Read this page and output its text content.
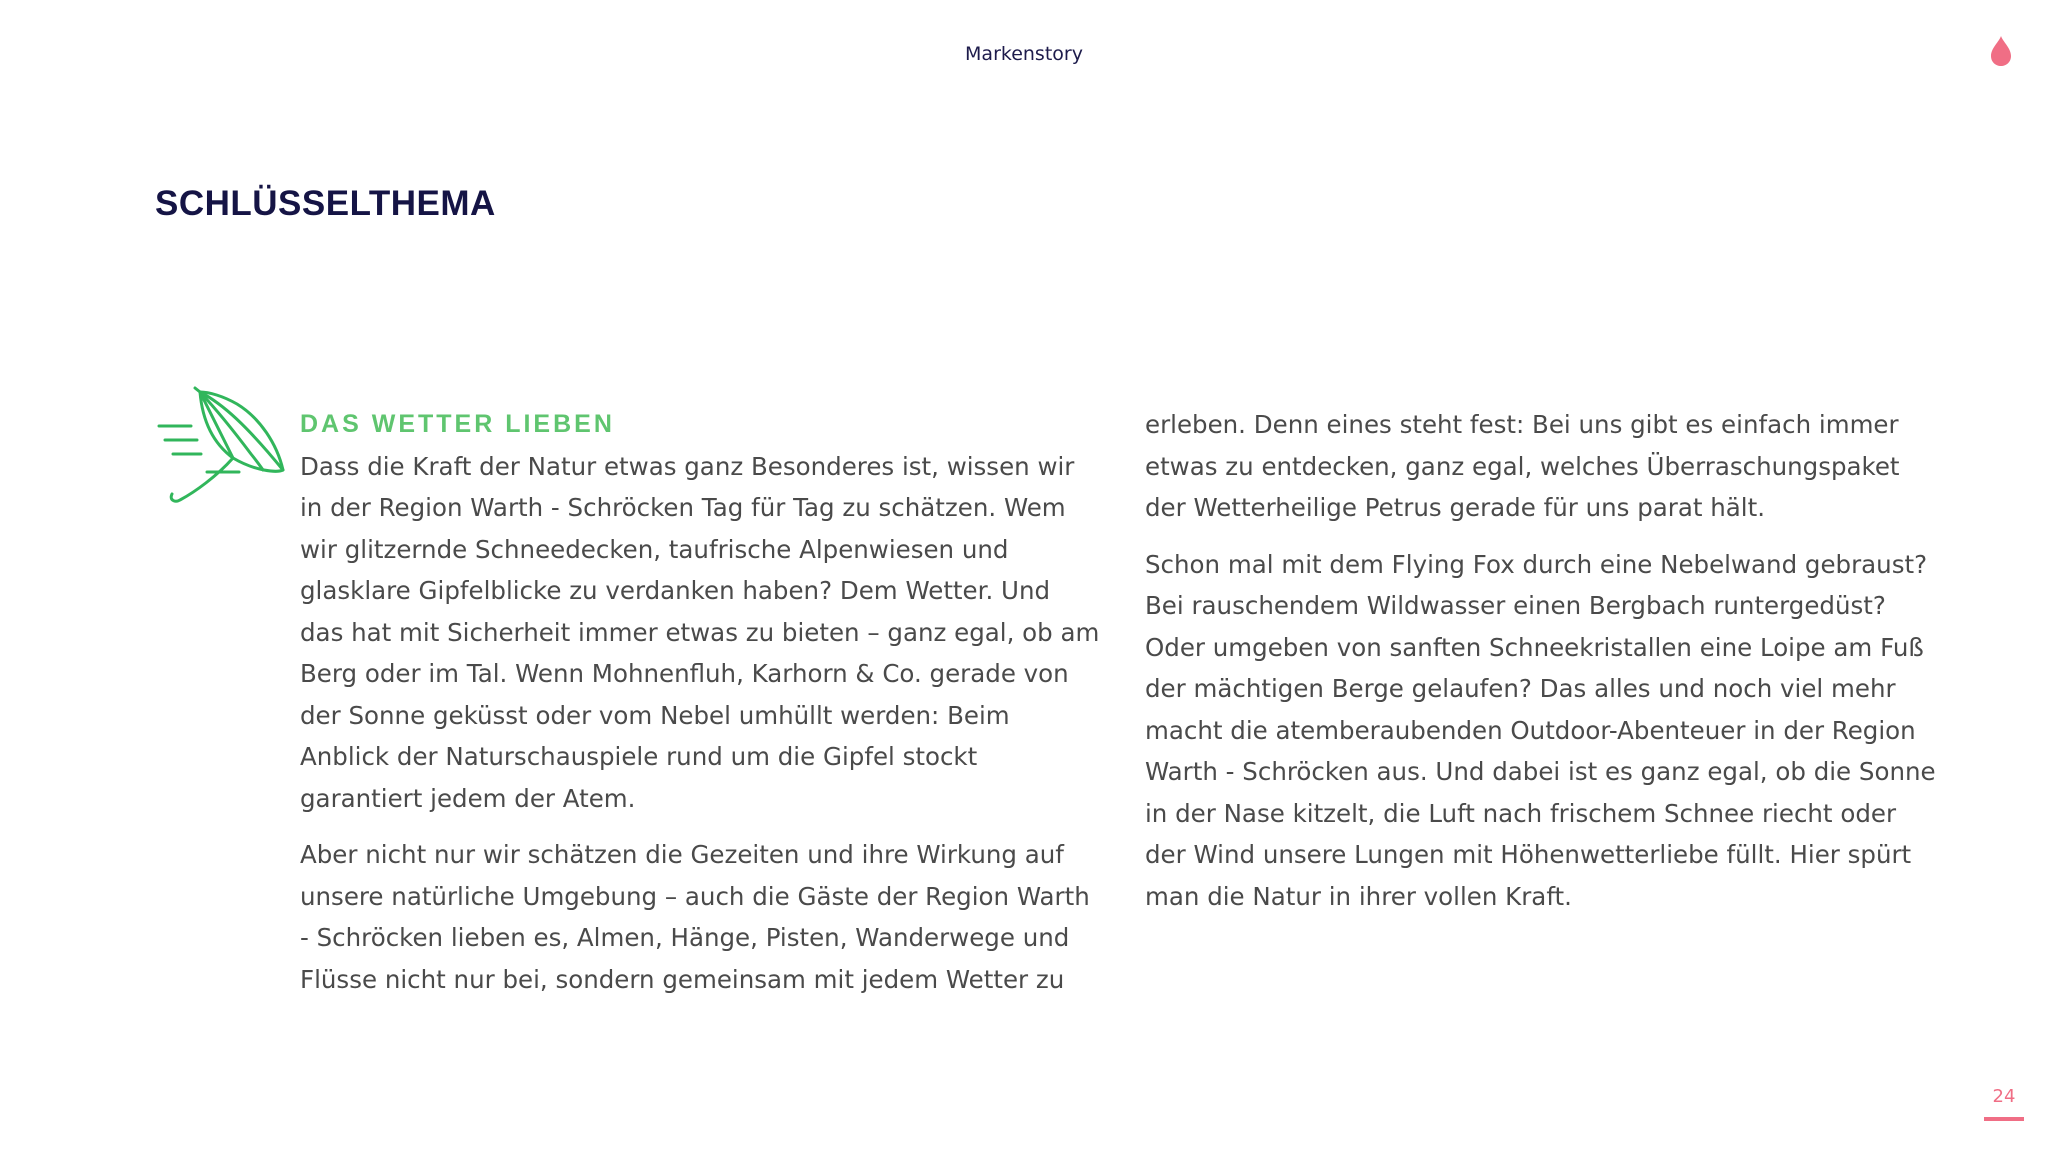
Markenstory
SCHLÜSSELTHEMA
DAS WETTER LIEBEN

Dass die Kraft der Natur etwas ganz Besonderes ist, wissen wir in der Region Warth - Schröcken Tag für Tag zu schätzen. Wem wir glitzernde Schneedecken, taufrische Alpenwiesen und glasklare Gipfelblicke zu verdanken haben? Dem Wetter. Und das hat mit Sicherheit immer etwas zu bieten – ganz egal, ob am Berg oder im Tal. Wenn Mohnenfluh, Karhorn & Co. gerade von der Sonne geküsst oder vom Nebel umhüllt werden: Beim Anblick der Naturschauspiele rund um die Gipfel stockt garantiert jedem der Atem.

Aber nicht nur wir schätzen die Gezeiten und ihre Wirkung auf unsere natürliche Umgebung – auch die Gäste der Region Warth - Schröcken lieben es, Almen, Hänge, Pisten, Wanderwege und Flüsse nicht nur bei, sondern gemeinsam mit jedem Wetter zu

erleben. Denn eines steht fest: Bei uns gibt es einfach immer etwas zu entdecken, ganz egal, welches Überraschungspaket der Wetterheilige Petrus gerade für uns parat hält.

Schon mal mit dem Flying Fox durch eine Nebelwand gebraust? Bei rauschendem Wildwasser einen Bergbach runtergedüst? Oder umgeben von sanften Schneekristallen eine Loipe am Fuß der mächtigen Berge gelaufen? Das alles und noch viel mehr macht die atemberaubenden Outdoor-Abenteuer in der Region Warth - Schröcken aus. Und dabei ist es ganz egal, ob die Sonne in der Nase kitzelt, die Luft nach frischem Schnee riecht oder der Wind unsere Lungen mit Höhenwetterliebe füllt. Hier spürt man die Natur in ihrer vollen Kraft.

24
